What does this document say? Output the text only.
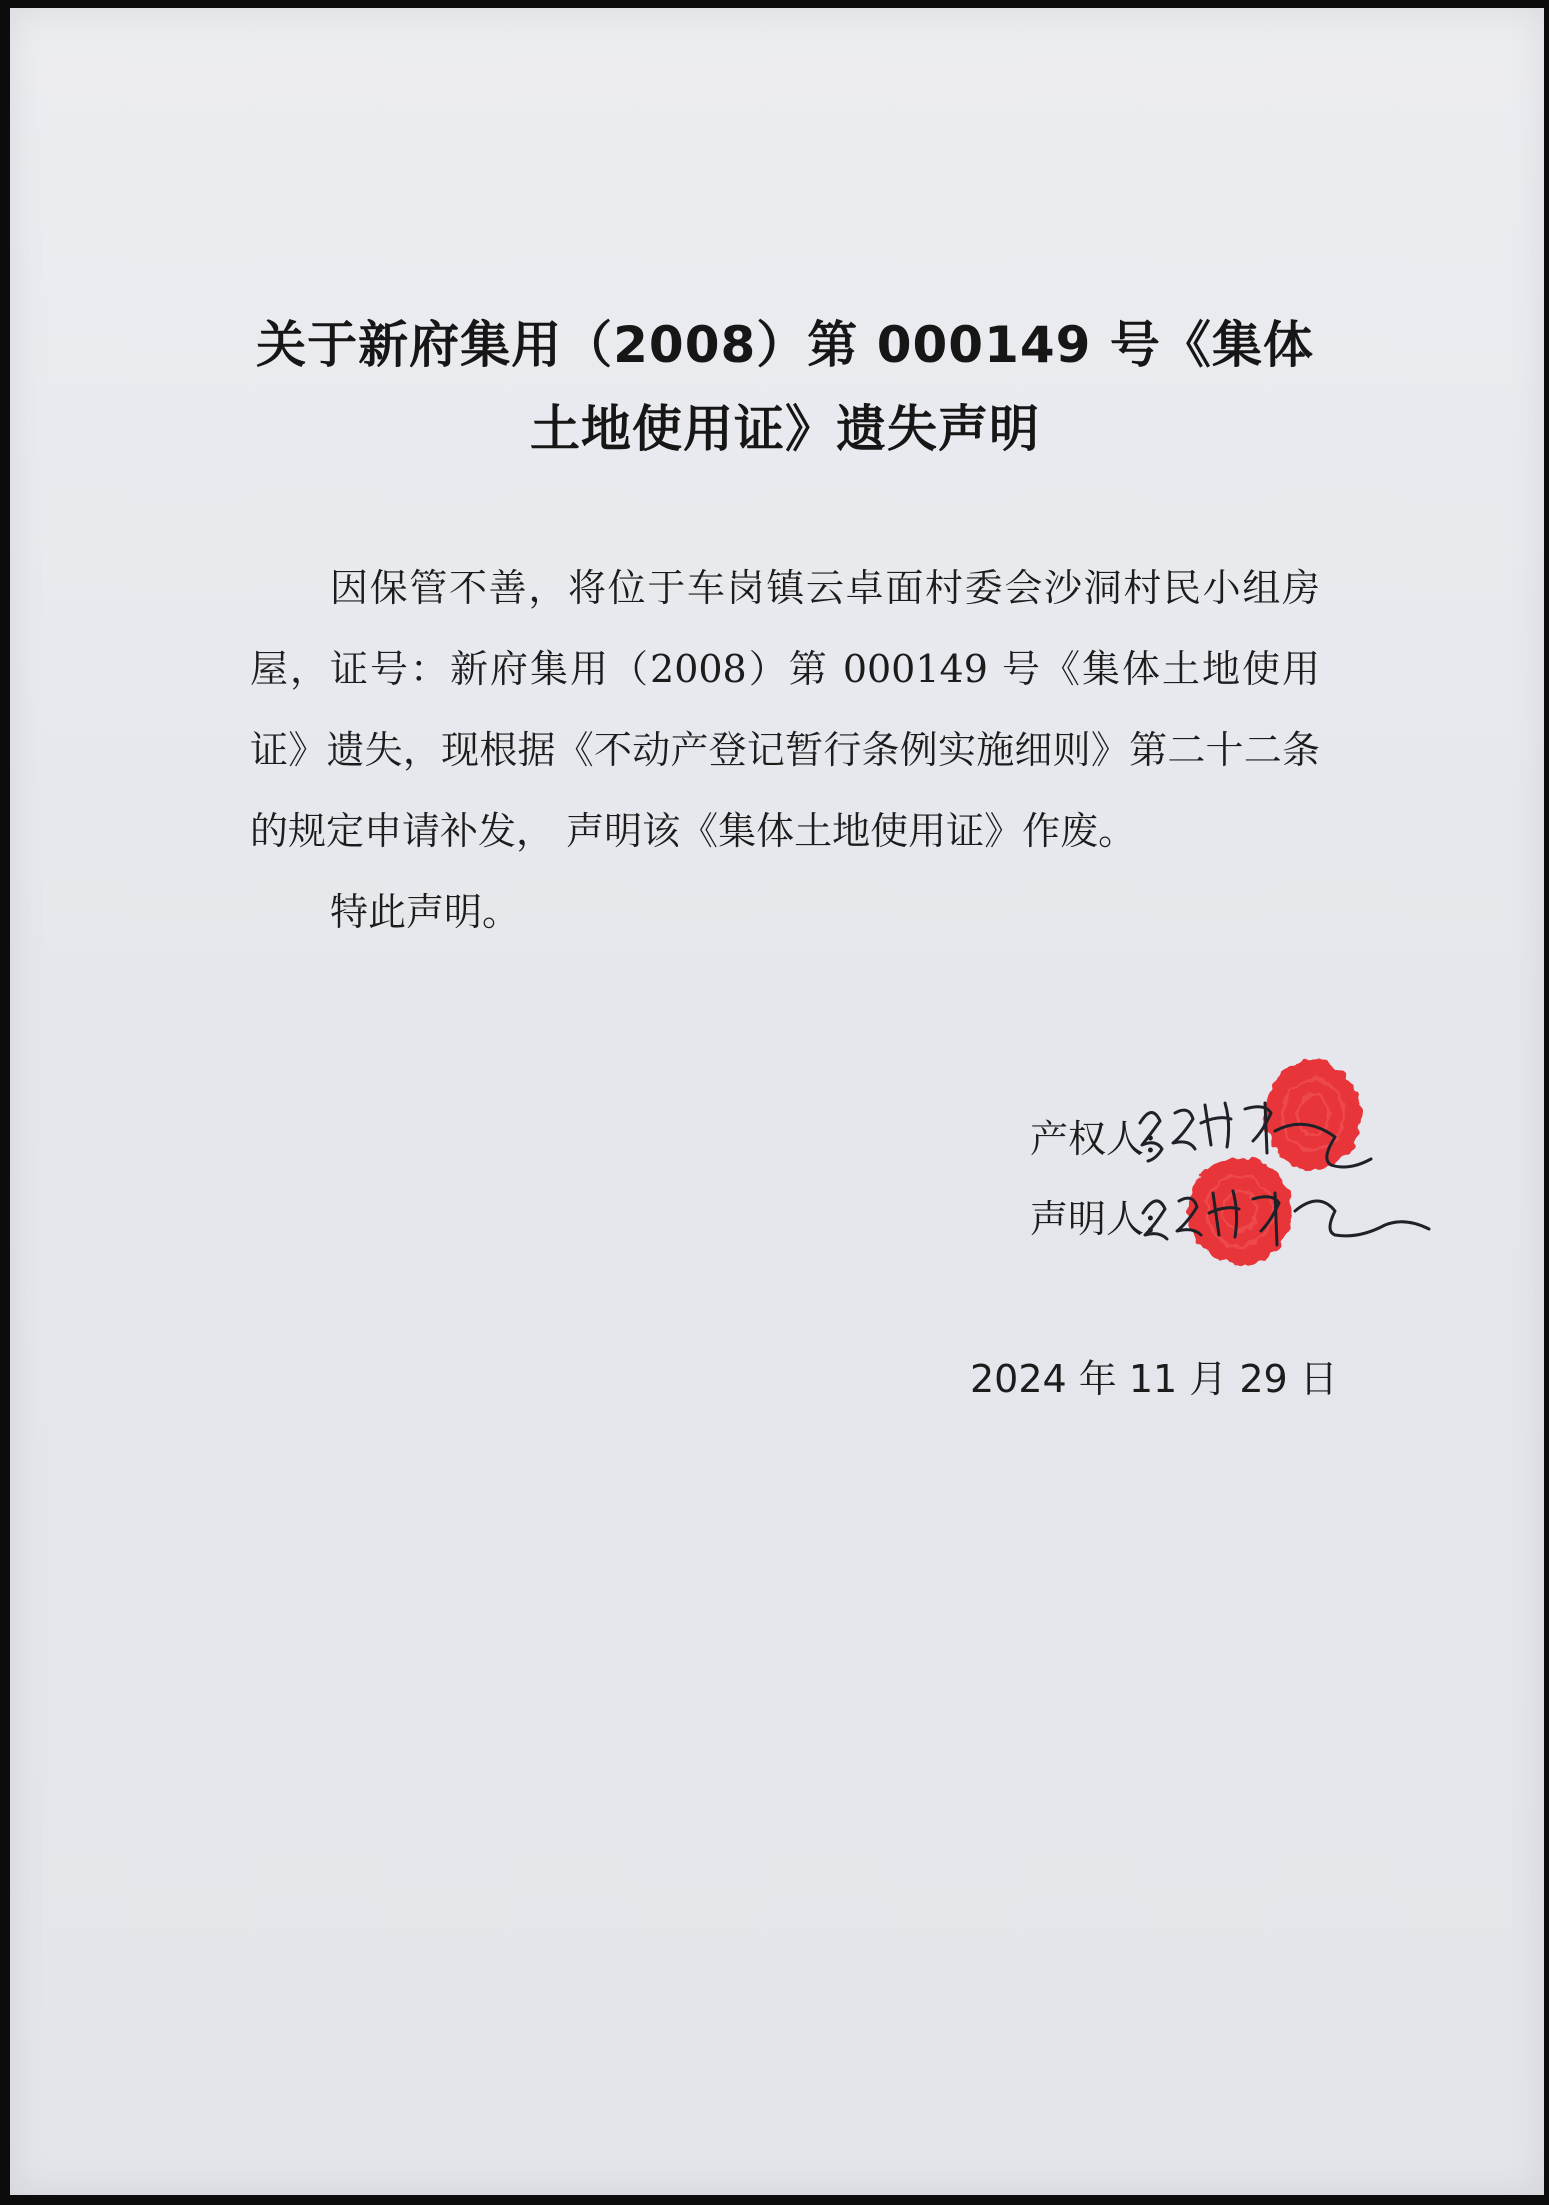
关于新府集用（2008）第 000149 号《集体
土地使用证》遗失声明

因保管不善，将位于车岗镇云卓面村委会沙洞村民小组房屋，证号：新府集用（2008）第 000149 号《集体土地使用证》遗失，现根据《不动产登记暂行条例实施细则》第二十二条的规定申请补发， 声明该《集体土地使用证》作废。

特此声明。

产权人:
声明人:
2024 年 11 月 29 日
